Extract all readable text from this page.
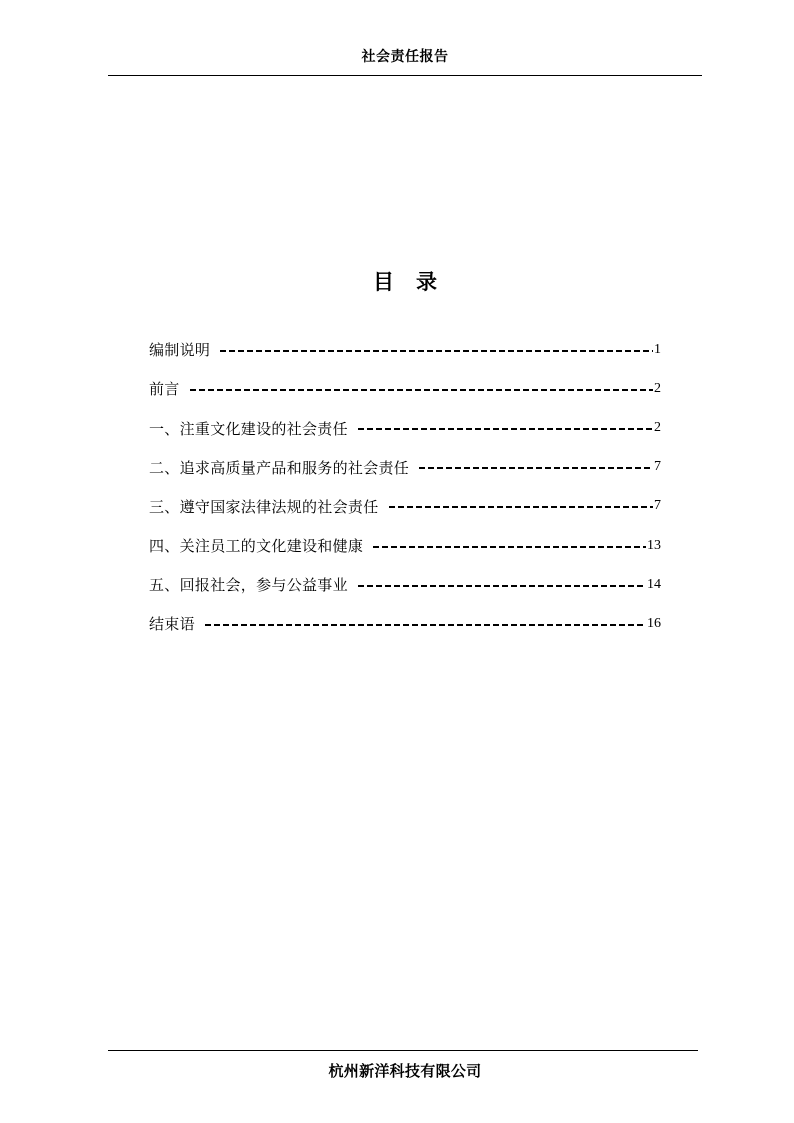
社会责任报告
目 录
编制说明	1
前言	2
一、注重文化建设的社会责任	2
二、追求高质量产品和服务的社会责任	7
三、遵守国家法律法规的社会责任	7
四、关注员工的文化建设和健康	13
五、回报社会，参与公益事业	14
结束语	16
杭州新洋科技有限公司
